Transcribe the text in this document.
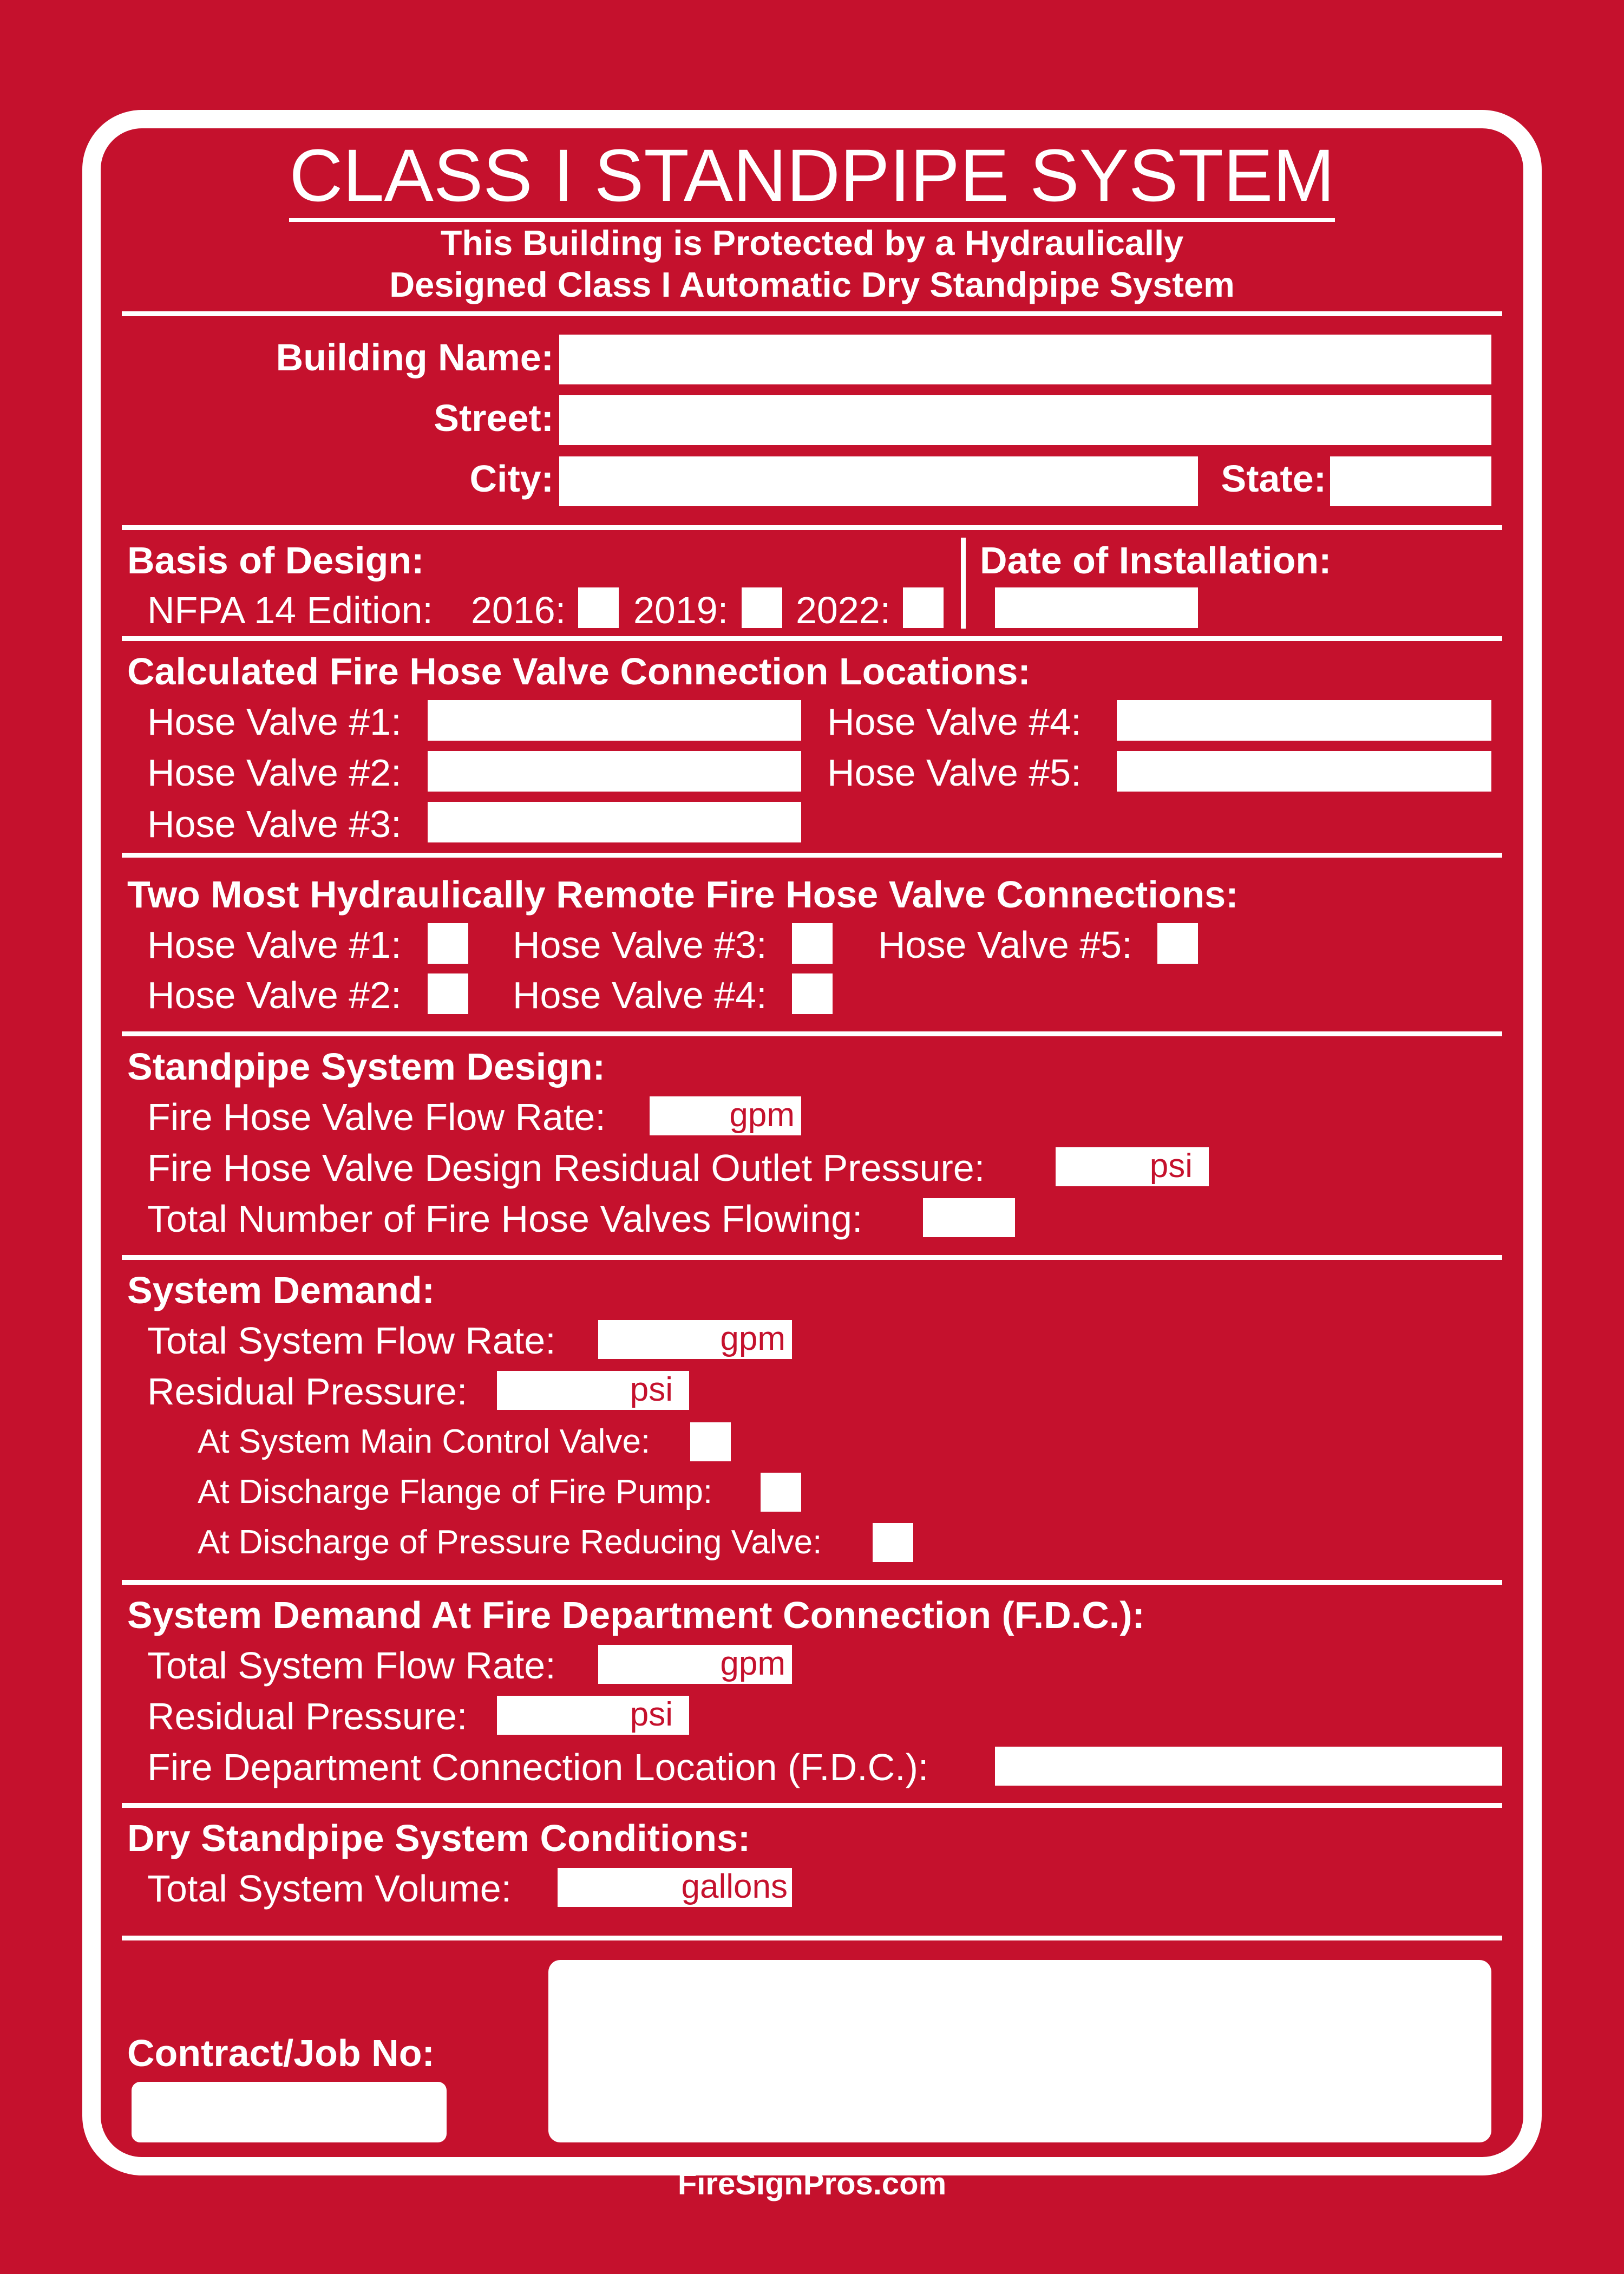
CLASS I STANDPIPE SYSTEM
This Building is Protected by a Hydraulically
Designed Class I Automatic Dry Standpipe System
Building Name:
Street:
City:	State:
Basis of Design:
NFPA 14 Edition: 2016: 2019: 2022:
Date of Installation:
Calculated Fire Hose Valve Connection Locations:
Hose Valve #1:
Hose Valve #2:
Hose Valve #3:
Hose Valve #4:
Hose Valve #5:
Two Most Hydraulically Remote Fire Hose Valve Connections:
Hose Valve #1:
Hose Valve #2:
Hose Valve #3:
Hose Valve #4:
Hose Valve #5:
Standpipe System Design:
Fire Hose Valve Flow Rate:	gpm
Fire Hose Valve Design Residual Outlet Pressure:	psi
Total Number of Fire Hose Valves Flowing:
System Demand:
Total System Flow Rate:	gpm
Residual Pressure:	psi
At System Main Control Valve:
At Discharge Flange of Fire Pump:
At Discharge of Pressure Reducing Valve:
System Demand At Fire Department Connection (F.D.C.):
Total System Flow Rate:	gpm
Residual Pressure:	psi
Fire Department Connection Location (F.D.C.):
Dry Standpipe System Conditions:
Total System Volume:	gallons
Contract/Job No:
FireSignPros.com
